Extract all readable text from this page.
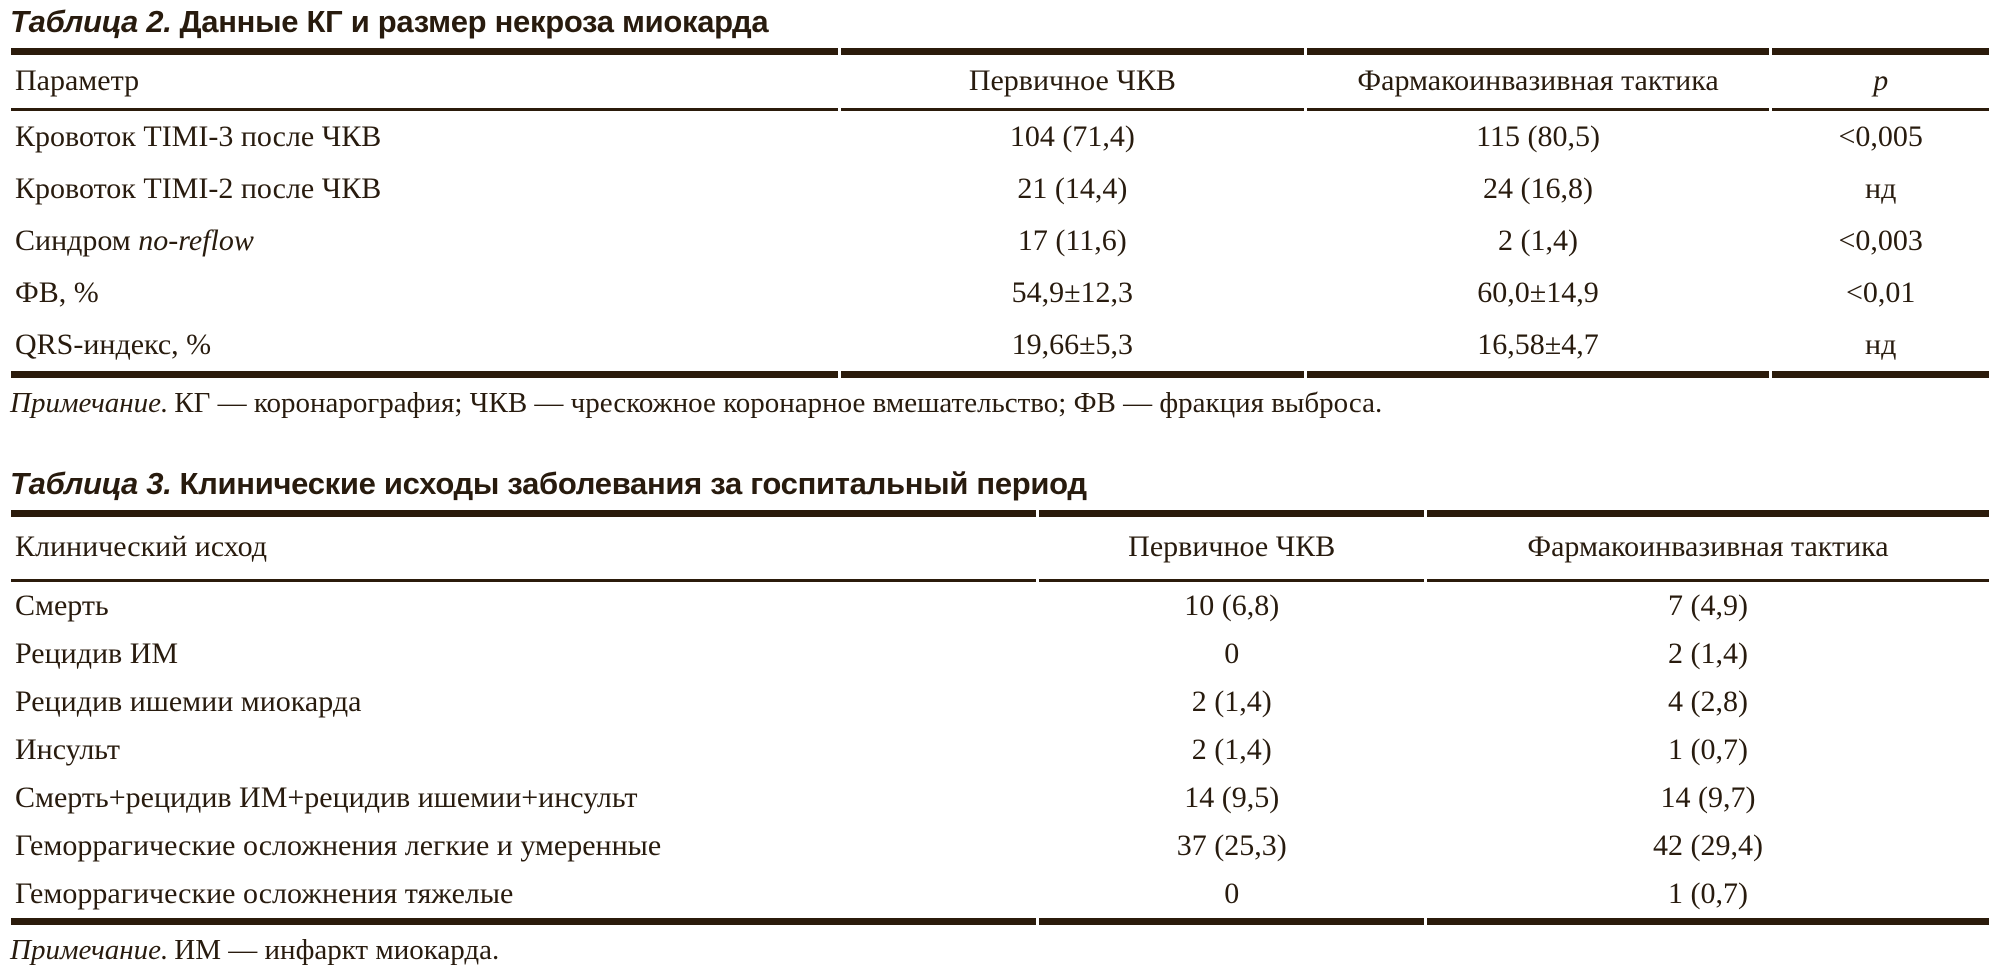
Таблица 2. Данные КГ и размер некроза миокарда
Параметр	Первичное ЧКВ	Фармакоинвазивная тактика	p
Кровоток TIMI-3 после ЧКВ	104 (71,4)	115 (80,5)	<0,005
Кровоток TIMI-2 после ЧКВ	21 (14,4)	24 (16,8)	нд
Синдром no-reflow	17 (11,6)	2 (1,4)	<0,003
ФВ, %	54,9±12,3	60,0±14,9	<0,01
QRS-индекс, %	19,66±5,3	16,58±4,7	нд

Примечание. КГ — коронарография; ЧКВ — чрескожное коронарное вмешательство; ФВ — фракция выброса.

Таблица 3. Клинические исходы заболевания за госпитальный период
Клинический исход	Первичное ЧКВ	Фармакоинвазивная тактика
Смерть	10 (6,8)	7 (4,9)
Рецидив ИМ	0	2 (1,4)
Рецидив ишемии миокарда	2 (1,4)	4 (2,8)
Инсульт	2 (1,4)	1 (0,7)
Смерть+рецидив ИМ+рецидив ишемии+инсульт	14 (9,5)	14 (9,7)
Геморрагические осложнения легкие и умеренные	37 (25,3)	42 (29,4)
Геморрагические осложнения тяжелые	0	1 (0,7)

Примечание. ИМ — инфаркт миокарда.
